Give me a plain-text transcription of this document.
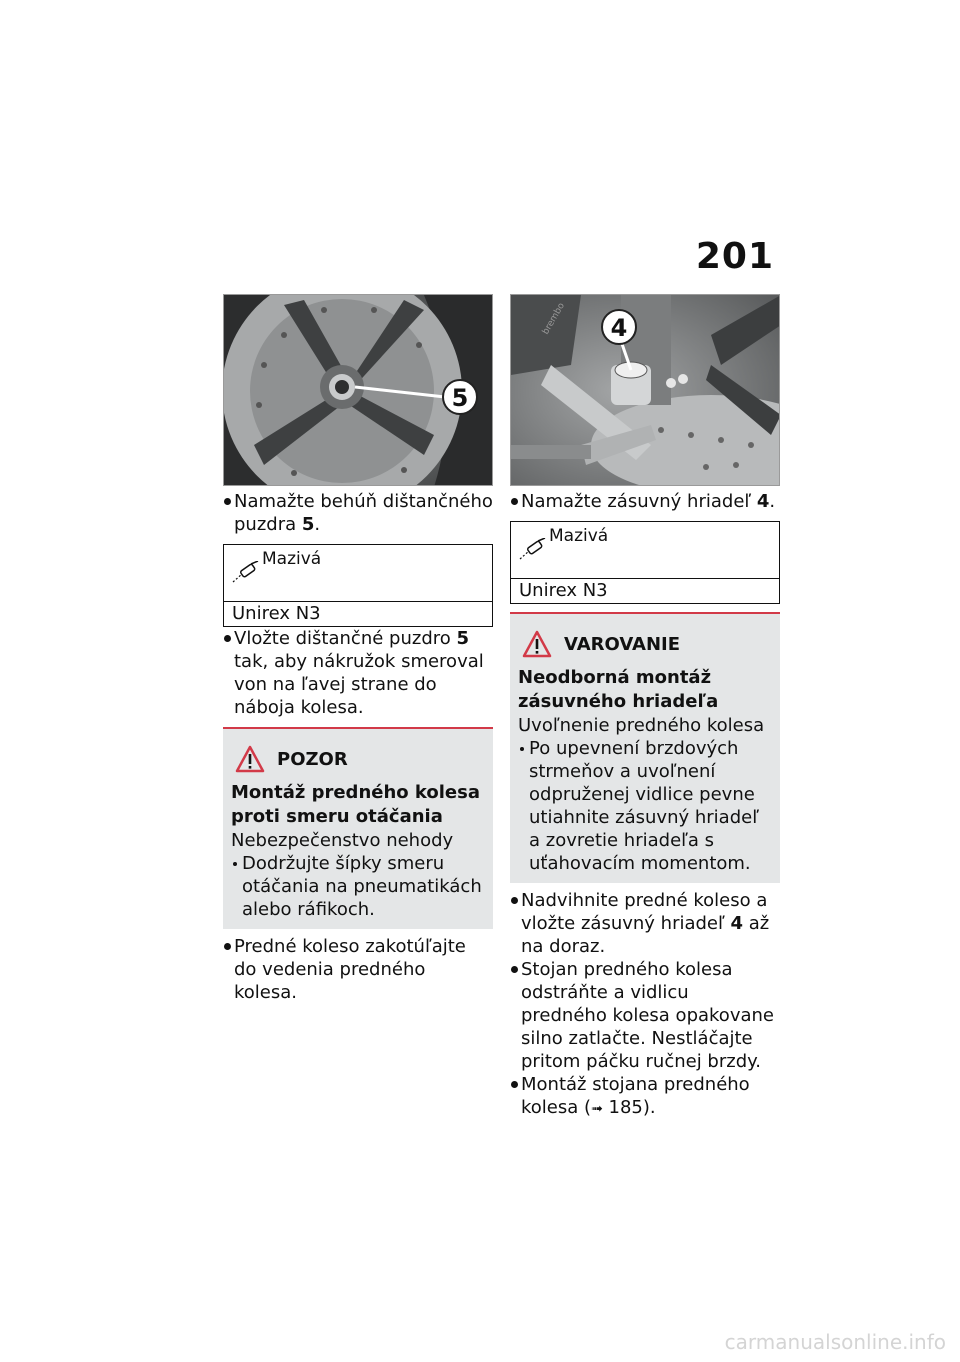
201
5
Namažte behúň dištančného puzdra 5.
Mazivá
Unirex N3
Vložte dištančné puzdro 5 tak, aby nákružok smeroval von na ľavej strane do náboja kolesa.
POZOR
Montáž predného kolesa proti smeru otáčania
Nebezpečenstvo nehody
Dodržujte šípky smeru otáčania na pneumatikách alebo ráfikoch.
Predné koleso zakotúľajte do vedenia predného kolesa.
brembo 4
Namažte zásuvný hriadeľ 4.
Mazivá
Unirex N3
VAROVANIE
Neodborná montáž zásuvného hriadeľa
Uvoľnenie predného kolesa
Po upevnení brzdových strmeňov a uvoľnení odpruženej vidlice pevne utiahnite zásuvný hriadeľ a zovretie hriadeľa s uťahovacím momentom.
Nadvihnite predné koleso a vložte zásuvný hriadeľ 4 až na doraz.
Stojan predného kolesa odstráňte a vidlicu predného kolesa opakovane silno zatlačte. Nestláčajte pritom páčku ručnej brzdy.
Montáž stojana predného kolesa (➟ 185).
carmanualsonline.info
